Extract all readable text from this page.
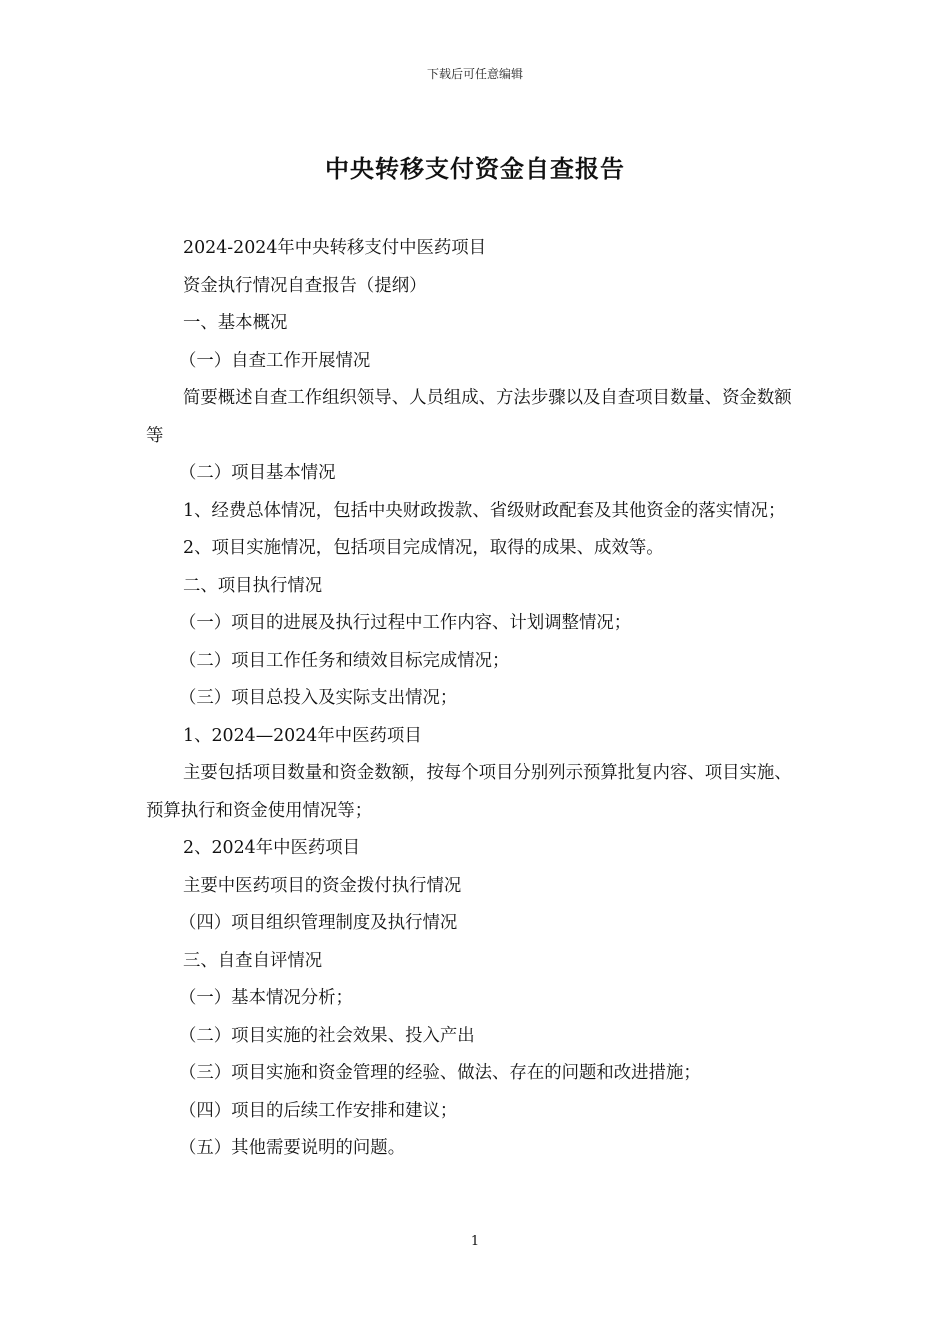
下载后可任意编辑
中央转移支付资金自查报告

2024-2024年中央转移支付中医药项目

资金执行情况自查报告（提纲）

一、基本概况

（一）自查工作开展情况

简要概述自查工作组织领导、人员组成、方法步骤以及自查项目数量、资金数额等

（二）项目基本情况

1、经费总体情况，包括中央财政拨款、省级财政配套及其他资金的落实情况；

2、项目实施情况，包括项目完成情况，取得的成果、成效等。

二、项目执行情况

（一）项目的进展及执行过程中工作内容、计划调整情况；

（二）项目工作任务和绩效目标完成情况；

（三）项目总投入及实际支出情况；

1、2024—2024年中医药项目

主要包括项目数量和资金数额，按每个项目分别列示预算批复内容、项目实施、预算执行和资金使用情况等；

2、2024年中医药项目

主要中医药项目的资金拨付执行情况

（四）项目组织管理制度及执行情况

三、自查自评情况

（一）基本情况分析；

（二）项目实施的社会效果、投入产出

（三）项目实施和资金管理的经验、做法、存在的问题和改进措施；

（四）项目的后续工作安排和建议；

（五）其他需要说明的问题。

1
